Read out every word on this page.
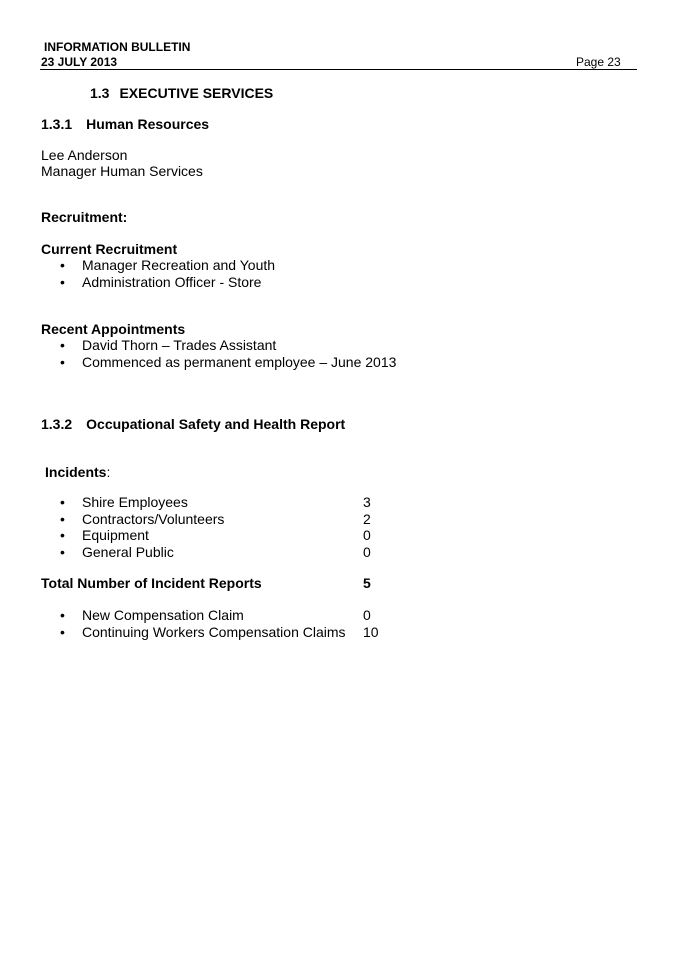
INFORMATION BULLETIN
23 JULY 2013	Page 23
1.3 EXECUTIVE SERVICES
1.3.1 Human Resources
Lee Anderson
Manager Human Services
Recruitment:
Current Recruitment
• Manager Recreation and Youth
• Administration Officer - Store
Recent Appointments
• David Thorn – Trades Assistant
• Commenced as permanent employee – June 2013
1.3.2 Occupational Safety and Health Report
Incidents:
• Shire Employees	3
• Contractors/Volunteers	2
• Equipment	0
• General Public	0
Total Number of Incident Reports	5
• New Compensation Claim	0
• Continuing Workers Compensation Claims 10
